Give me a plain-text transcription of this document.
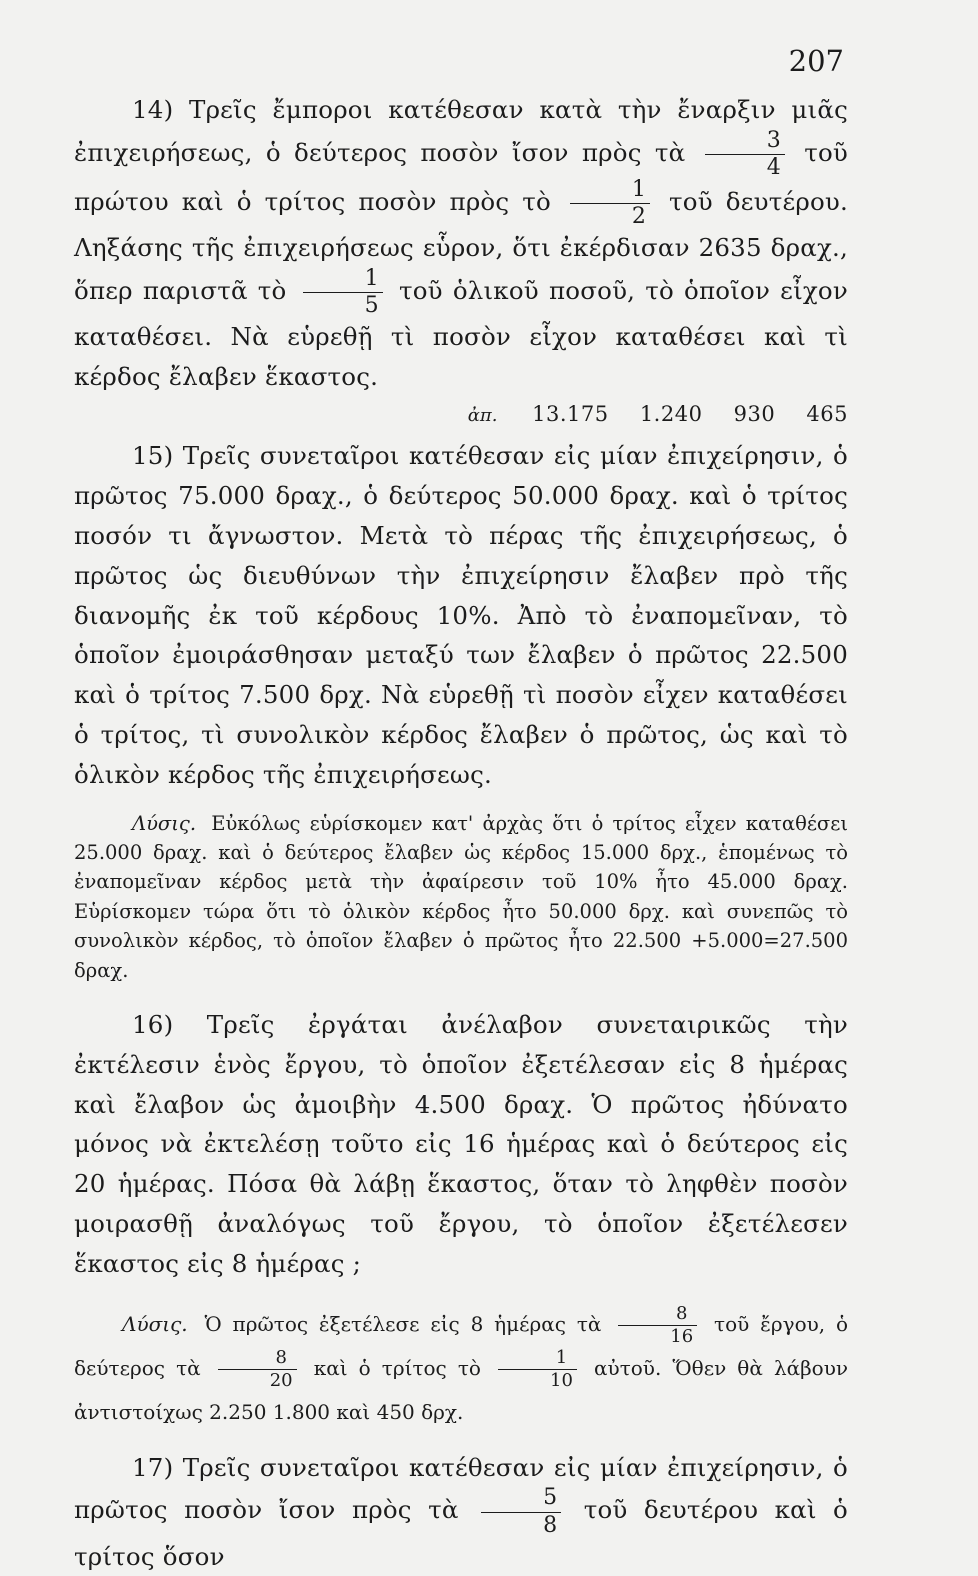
207

14) Τρεῖς ἔμποροι κατέθεσαν κατὰ τὴν ἔναρξιν μιᾶς ἐπιχειρήσεως, ὁ δεύτερος ποσὸν ἴσον πρὸς τὰ $\frac{3}{4}$ τοῦ πρώτου καὶ ὁ τρίτος ποσὸν πρὸς τὸ $\frac{1}{2}$ τοῦ δευτέρου. Ληξάσης τῆς ἐπιχειρήσεως εὗρον, ὅτι ἐκέρδισαν 2635 δραχ., ὅπερ παριστᾶ τὸ $\frac{1}{5}$ τοῦ ὁλικοῦ ποσοῦ, τὸ ὁποῖον εἶχον καταθέσει. Νὰ εὑρεθῇ τὶ ποσὸν εἶχον καταθέσει καὶ τὶ κέρδος ἔλαβεν ἕκαστος.

ἀπ. 13.175 1.240 930 465

15) Τρεῖς συνεταῖροι κατέθεσαν εἰς μίαν ἐπιχείρησιν, ὁ πρῶτος 75.000 δραχ., ὁ δεύτερος 50.000 δραχ. καὶ ὁ τρίτος ποσόν τι ἄγνωστον. Μετὰ τὸ πέρας τῆς ἐπιχειρήσεως, ὁ πρῶτος ὡς διευθύνων τὴν ἐπιχείρησιν ἔλαβεν πρὸ τῆς διανομῆς ἐκ τοῦ κέρδους 10%. Ἀπὸ τὸ ἐναπομεῖναν, τὸ ὁποῖον ἐμοιράσθησαν μεταξύ των ἔλαβεν ὁ πρῶτος 22.500 καὶ ὁ τρίτος 7.500 δρχ. Νὰ εὑρεθῇ τὶ ποσὸν εἶχεν καταθέσει ὁ τρίτος, τὶ συνολικὸν κέρδος ἔλαβεν ὁ πρῶτος, ὡς καὶ τὸ ὁλικὸν κέρδος τῆς ἐπιχειρήσεως.

Λύσις. Εὐκόλως εὑρίσκομεν κατ' ἀρχὰς ὅτι ὁ τρίτος εἶχεν καταθέσει 25.000 δραχ. καὶ ὁ δεύτερος ἔλαβεν ὡς κέρδος 15.000 δρχ., ἑπομένως τὸ ἐναπομεῖναν κέρδος μετὰ τὴν ἀφαίρεσιν τοῦ 10% ἦτο 45.000 δραχ. Εὑρίσκομεν τώρα ὅτι τὸ ὁλικὸν κέρδος ἦτο 50.000 δρχ. καὶ συνεπῶς τὸ συνολικὸν κέρδος, τὸ ὁποῖον ἔλαβεν ὁ πρῶτος ἦτο 22.500 +5.000=27.500 δραχ.

16) Τρεῖς ἐργάται ἀνέλαβον συνεταιρικῶς τὴν ἐκτέλεσιν ἑνὸς ἔργου, τὸ ὁποῖον ἐξετέλεσαν εἰς 8 ἡμέρας καὶ ἔλαβον ὡς ἀμοιβὴν 4.500 δραχ. Ὁ πρῶτος ἠδύνατο μόνος νὰ ἐκτελέσῃ τοῦτο εἰς 16 ἡμέρας καὶ ὁ δεύτερος εἰς 20 ἡμέρας. Πόσα θὰ λάβῃ ἕκαστος, ὅταν τὸ ληφθὲν ποσὸν μοιρασθῇ ἀναλόγως τοῦ ἔργου, τὸ ὁποῖον ἐξετέλεσεν ἕκαστος εἰς 8 ἡμέρας ;

Λύσις. Ὁ πρῶτος ἐξετέλεσε εἰς 8 ἡμέρας τὰ $\frac{8}{16}$ τοῦ ἔργου, ὁ δεύτερος τὰ $\frac{8}{20}$ καὶ ὁ τρίτος τὸ $\frac{1}{10}$ αὐτοῦ. Ὅθεν θὰ λάβουν ἀντιστοίχως 2.250 1.800 καὶ 450 δρχ.

17) Τρεῖς συνεταῖροι κατέθεσαν εἰς μίαν ἐπιχείρησιν, ὁ πρῶτος ποσὸν ἴσον πρὸς τὰ $\frac{5}{8}$ τοῦ δευτέρου καὶ ὁ τρίτος ὅσον
